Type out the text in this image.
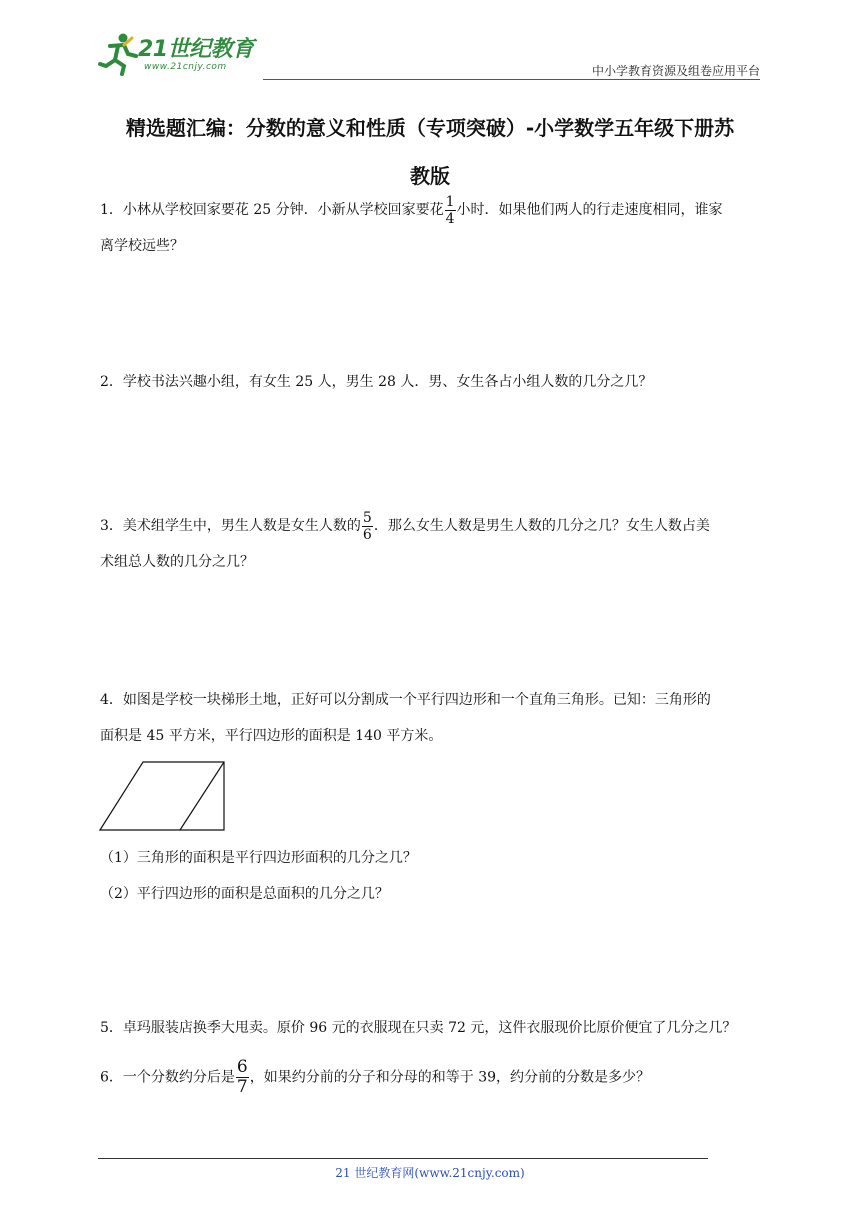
21世纪教育
www.21cnjy.com	中小学教育资源及组卷应用平台
精选题汇编：分数的意义和性质（专项突破）-小学数学五年级下册苏
教版
1．小林从学校回家要花 25 分钟．小新从学校回家要花 $\frac{1}{4}$ 小时．如果他们两人的行走速度相同，谁家
离学校远些？
2．学校书法兴趣小组，有女生 25 人，男生 28 人．男、女生各占小组人数的几分之几？
3．美术组学生中，男生人数是女生人数的 $\frac{5}{6}$ ．那么女生人数是男生人数的几分之几？女生人数占美
术组总人数的几分之几？
4．如图是学校一块梯形土地，正好可以分割成一个平行四边形和一个直角三角形。已知：三角形的
面积是 45 平方米，平行四边形的面积是 140 平方米。
（1）三角形的面积是平行四边形面积的几分之几？
（2）平行四边形的面积是总面积的几分之几？
5．卓玛服装店换季大甩卖。原价 96 元的衣服现在只卖 72 元，这件衣服现价比原价便宜了几分之几？
6．一个分数约分后是 $\frac{6}{7}$ ，如果约分前的分子和分母的和等于 39，约分前的分数是多少？
21 世纪教育网(www.21cnjy.com)
